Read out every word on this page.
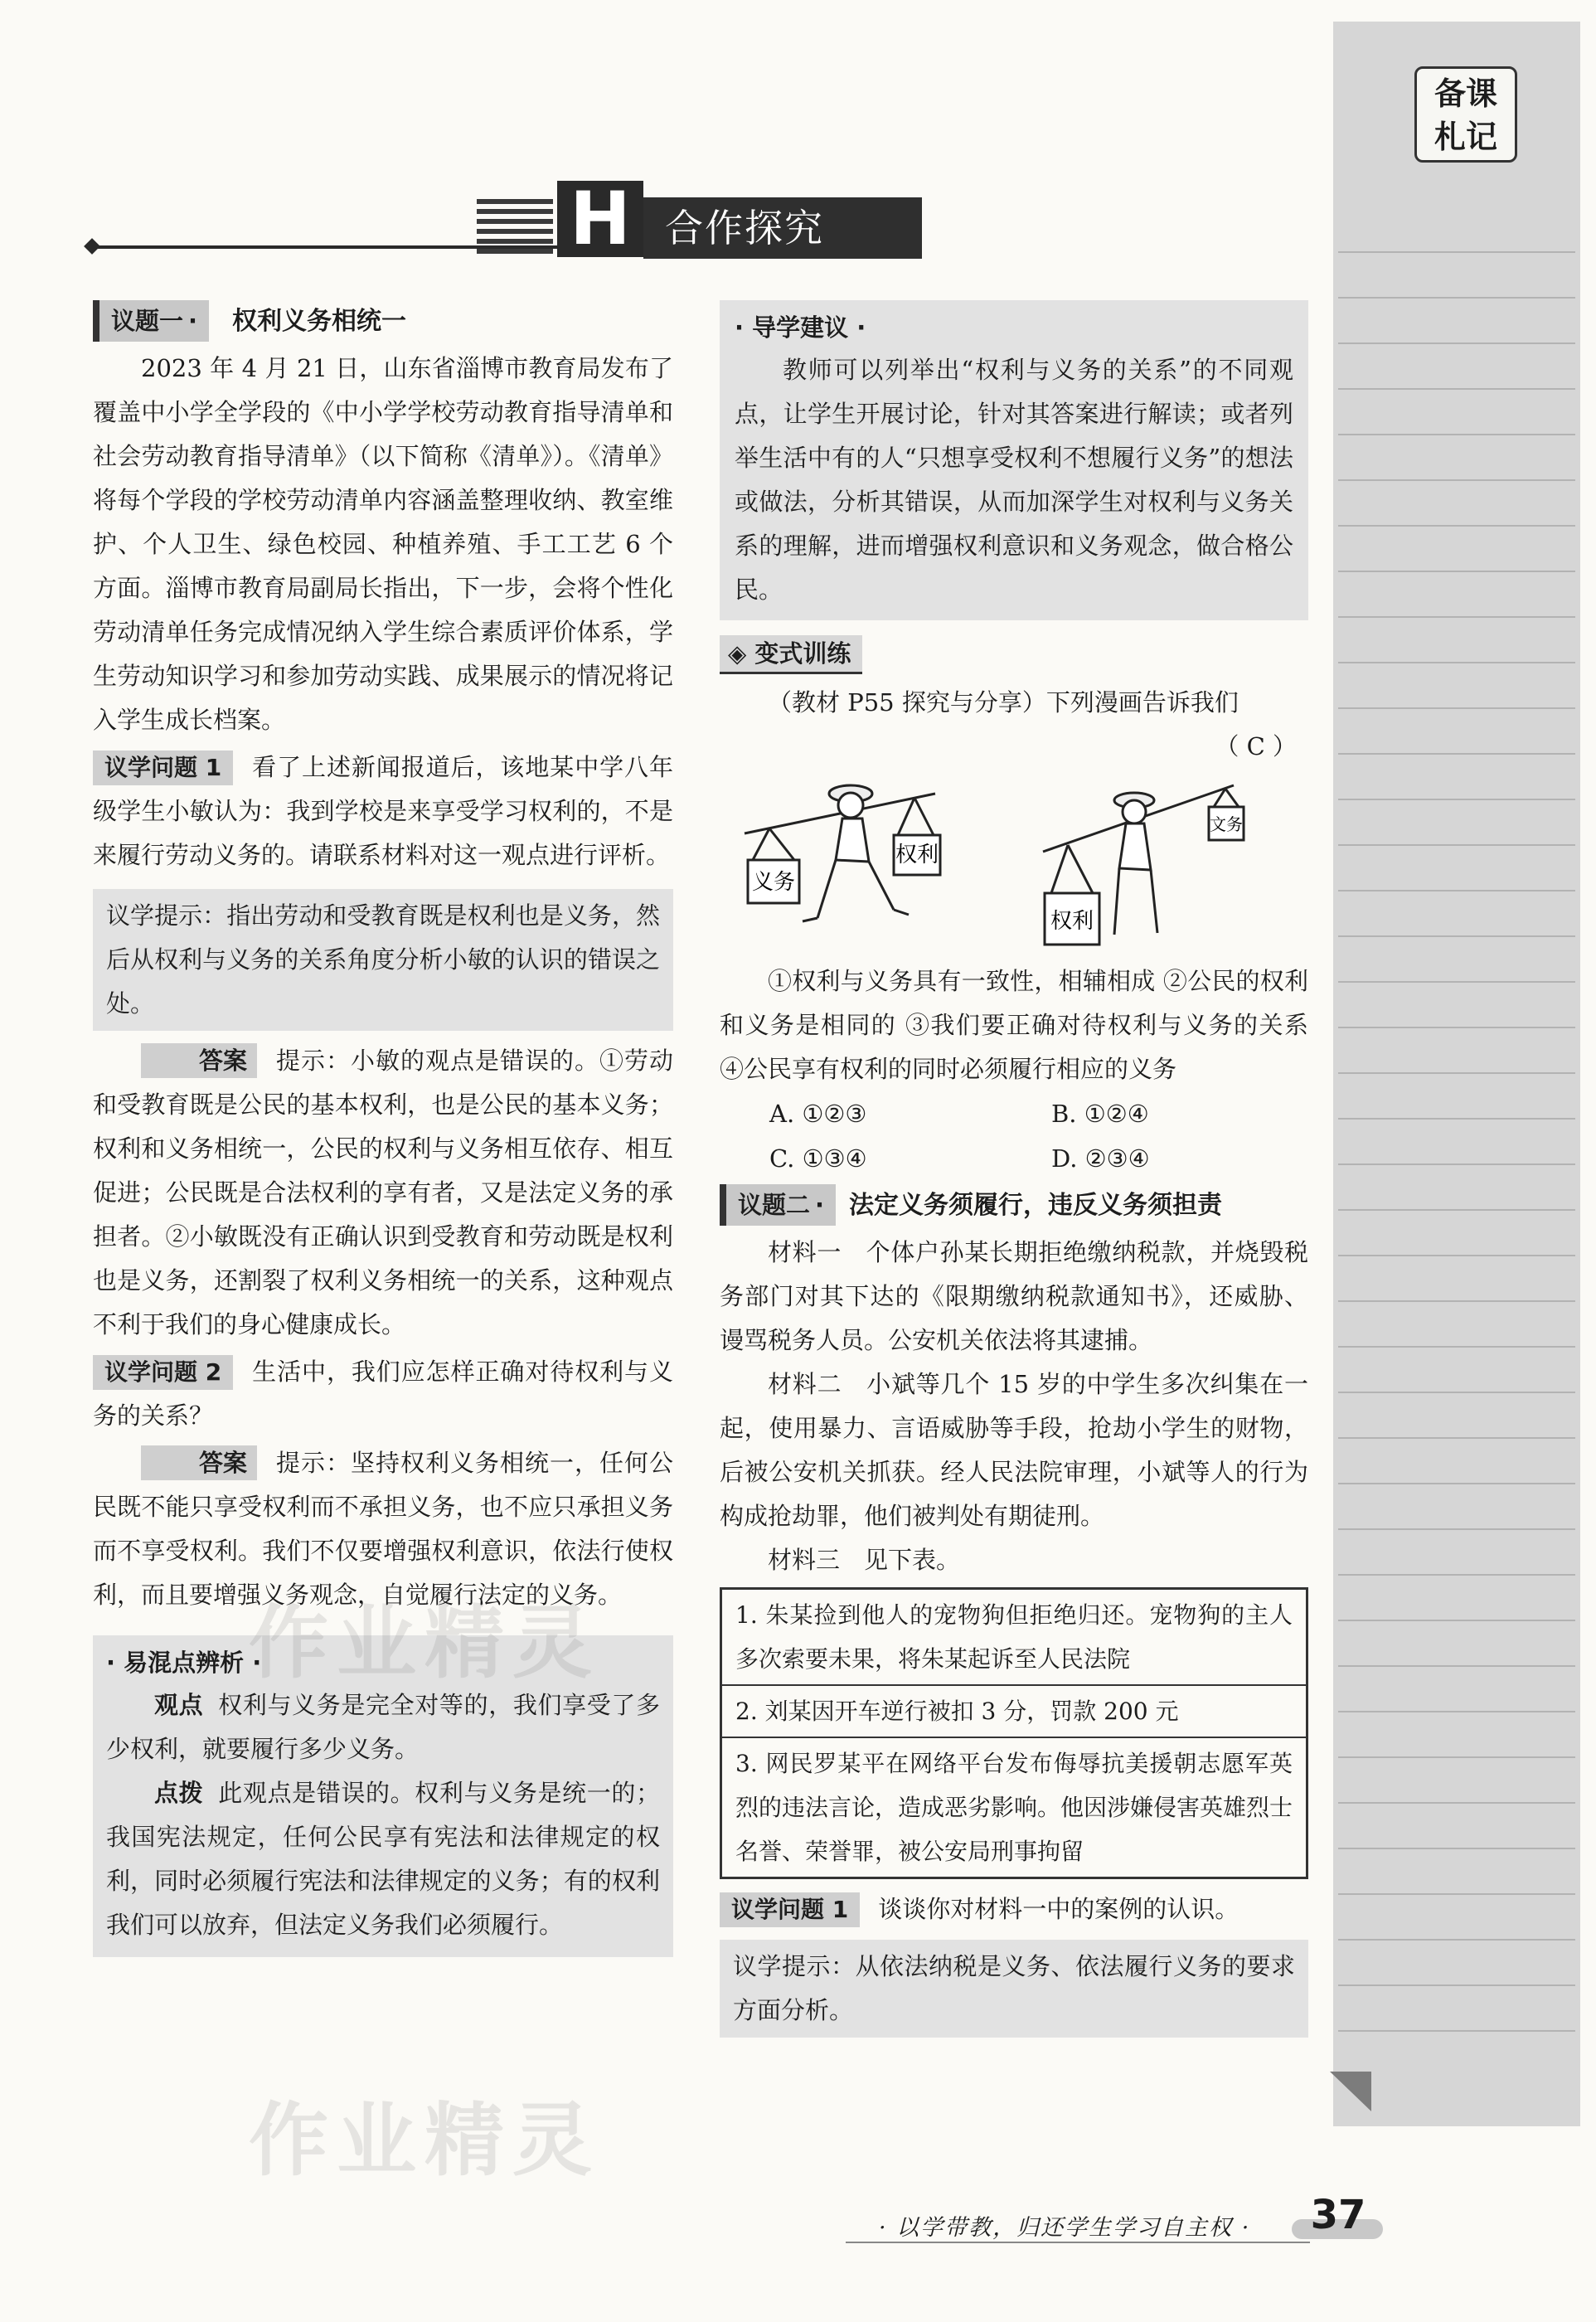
备课
札记
H 合作探究
议题一 ·	权利义务相统一

2023 年 4 月 21 日，山东省淄博市教育局发布了覆盖中小学全学段的《中小学学校劳动教育指导清单和社会劳动教育指导清单》（以下简称《清单》）。《清单》将每个学段的学校劳动清单内容涵盖整理收纳、教室维护、个人卫生、绿色校园、种植养殖、手工工艺 6 个方面。淄博市教育局副局长指出，下一步，会将个性化劳动清单任务完成情况纳入学生综合素质评价体系，学生劳动知识学习和参加劳动实践、成果展示的情况将记入学生成长档案。

议学问题 1 看了上述新闻报道后，该地某中学八年级学生小敏认为：我到学校是来享受学习权利的，不是来履行劳动义务的。请联系材料对这一观点进行评析。

议学提示：指出劳动和受教育既是权利也是义务，然后从权利与义务的关系角度分析小敏的认识的错误之处。

答案 提示：小敏的观点是错误的。①劳动和受教育既是公民的基本权利，也是公民的基本义务；权利和义务相统一，公民的权利与义务相互依存、相互促进；公民既是合法权利的享有者，又是法定义务的承担者。②小敏既没有正确认识到受教育和劳动既是权利也是义务，还割裂了权利义务相统一的关系，这种观点不利于我们的身心健康成长。

议学问题 2 生活中，我们应怎样正确对待权利与义务的关系？

答案 提示：坚持权利义务相统一，任何公民既不能只享受权利而不承担义务，也不应只承担义务而不享受权利。我们不仅要增强权利意识，依法行使权利，而且要增强义务观念，自觉履行法定的义务。

· 易混点辨析 ·

观点 权利与义务是完全对等的，我们享受了多少权利，就要履行多少义务。

点拨 此观点是错误的。权利与义务是统一的；我国宪法规定，任何公民享有宪法和法律规定的权利，同时必须履行宪法和法律规定的义务；有的权利我们可以放弃，但法定义务我们必须履行。

· 导学建议 ·

教师可以列举出“权利与义务的关系”的不同观点，让学生开展讨论，针对其答案进行解读；或者列举生活中有的人“只想享受权利不想履行义务”的想法或做法，分析其错误，从而加深学生对权利与义务关系的理解，进而增强权利意识和义务观念，做合格公民。

◈ 变式训练

（教材 P55 探究与分享）下列漫画告诉我们

（ C ）
义务
权利
权利
文务

①权利与义务具有一致性，相辅相成 ②公民的权利和义务是相同的 ③我们要正确对待权利与义务的关系 ④公民享有权利的同时必须履行相应的义务

A. ①②③	B. ①②④
C. ①③④	D. ②③④
议题二 ·	法定义务须履行，违反义务须担责

材料一　个体户孙某长期拒绝缴纳税款，并烧毁税务部门对其下达的《限期缴纳税款通知书》，还威胁、谩骂税务人员。公安机关依法将其逮捕。

材料二　小斌等几个 15 岁的中学生多次纠集在一起，使用暴力、言语威胁等手段，抢劫小学生的财物，后被公安机关抓获。经人民法院审理，小斌等人的行为构成抢劫罪，他们被判处有期徒刑。

材料三　见下表。

1. 朱某捡到他人的宠物狗但拒绝归还。宠物狗的主人多次索要未果，将朱某起诉至人民法院
2. 刘某因开车逆行被扣 3 分，罚款 200 元
3. 网民罗某平在网络平台发布侮辱抗美援朝志愿军英烈的违法言论，造成恶劣影响。他因涉嫌侵害英雄烈士名誉、荣誉罪，被公安局刑事拘留

议学问题 1 谈谈你对材料一中的案例的认识。

议学提示：从依法纳税是义务、依法履行义务的要求方面分析。
作业精灵
作业精灵
· 以学带教，归还学生学习自主权 · 37
